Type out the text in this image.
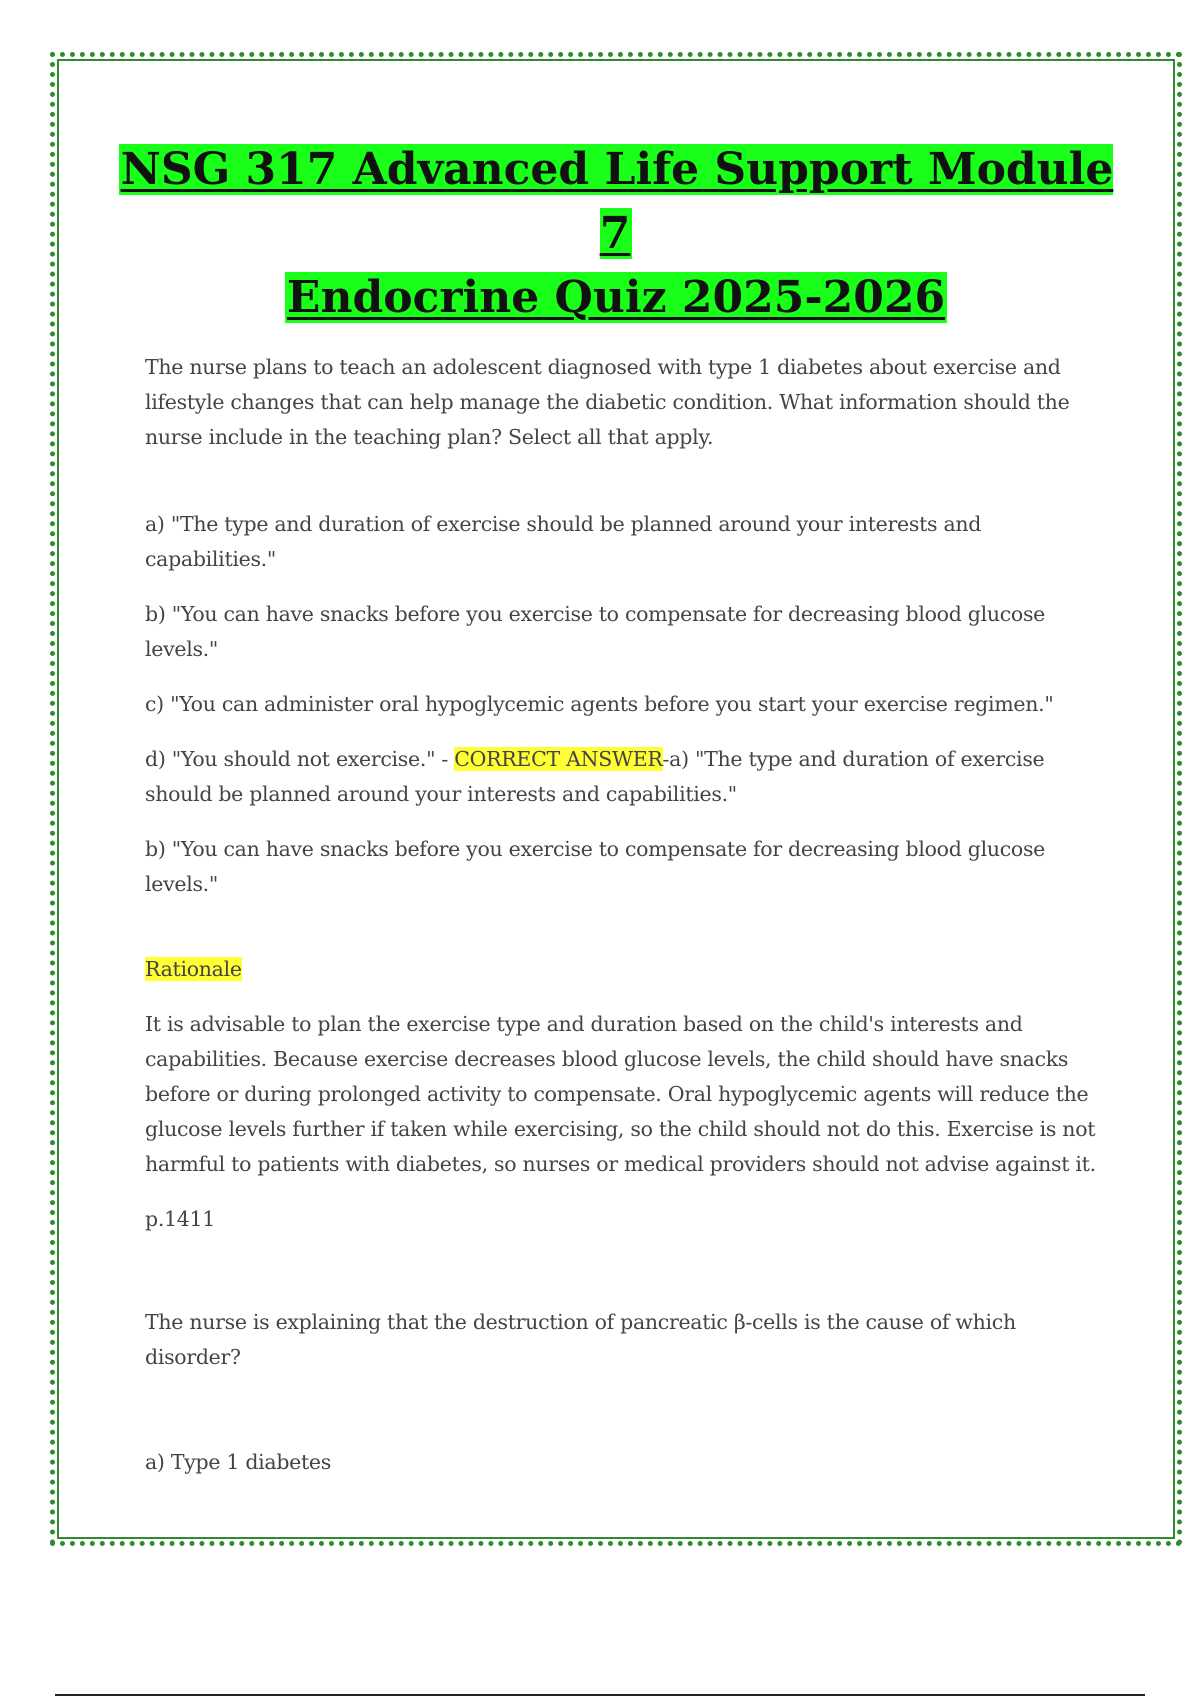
NSG 317 Advanced Life Support Module 7
Endocrine Quiz 2025-2026

The nurse plans to teach an adolescent diagnosed with type 1 diabetes about exercise and lifestyle changes that can help manage the diabetic condition. What information should the nurse include in the teaching plan? Select all that apply.

a) "The type and duration of exercise should be planned around your interests and capabilities."

b) "You can have snacks before you exercise to compensate for decreasing blood glucose levels."

c) "You can administer oral hypoglycemic agents before you start your exercise regimen."

d) "You should not exercise." - CORRECT ANSWER-a) "The type and duration of exercise should be planned around your interests and capabilities."

b) "You can have snacks before you exercise to compensate for decreasing blood glucose levels."

Rationale

It is advisable to plan the exercise type and duration based on the child's interests and capabilities. Because exercise decreases blood glucose levels, the child should have snacks before or during prolonged activity to compensate. Oral hypoglycemic agents will reduce the glucose levels further if taken while exercising, so the child should not do this. Exercise is not harmful to patients with diabetes, so nurses or medical providers should not advise against it.

p.1411

The nurse is explaining that the destruction of pancreatic β-cells is the cause of which disorder?

a) Type 1 diabetes
